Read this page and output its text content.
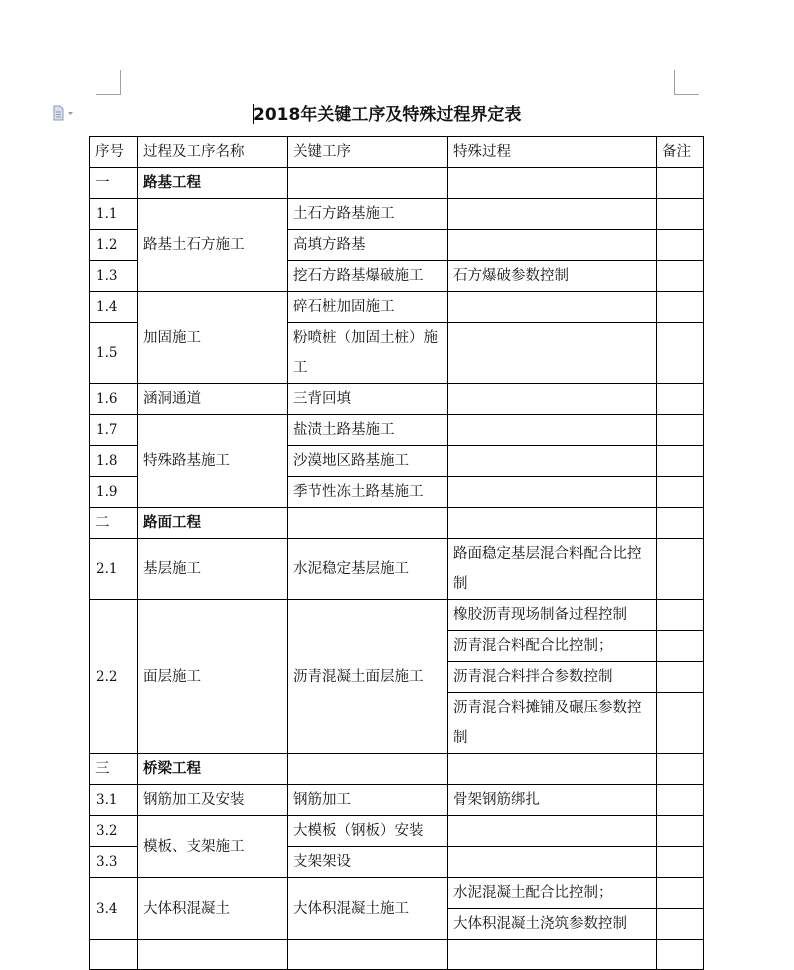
2018年关键工序及特殊过程界定表
序号	过程及工序名称	关键工序	特殊过程	备注
一	路基工程			
1.1	路基土石方施工	土石方路基施工		
1.2		高填方路基		
1.3		挖石方路基爆破施工	石方爆破参数控制	
1.4	加固施工	碎石桩加固施工		
1.5		粉喷桩（加固土桩）施工		
1.6	涵洞通道	三背回填		
1.7	特殊路基施工	盐渍土路基施工		
1.8		沙漠地区路基施工		
1.9		季节性冻土路基施工		
二	路面工程			
2.1	基层施工	水泥稳定基层施工	路面稳定基层混合料配合比控制	
2.2	面层施工	沥青混凝土面层施工	橡胶沥青现场制备过程控制	
			沥青混合料配合比控制；	
			沥青混合料拌合参数控制	
			沥青混合料摊铺及碾压参数控制	
三	桥梁工程			
3.1	钢筋加工及安装	钢筋加工	骨架钢筋绑扎	
3.2	模板、支架施工	大模板（钢板）安装		
3.3		支架架设		
3.4	大体积混凝土	大体积混凝土施工	水泥混凝土配合比控制；	
			大体积混凝土浇筑参数控制	
